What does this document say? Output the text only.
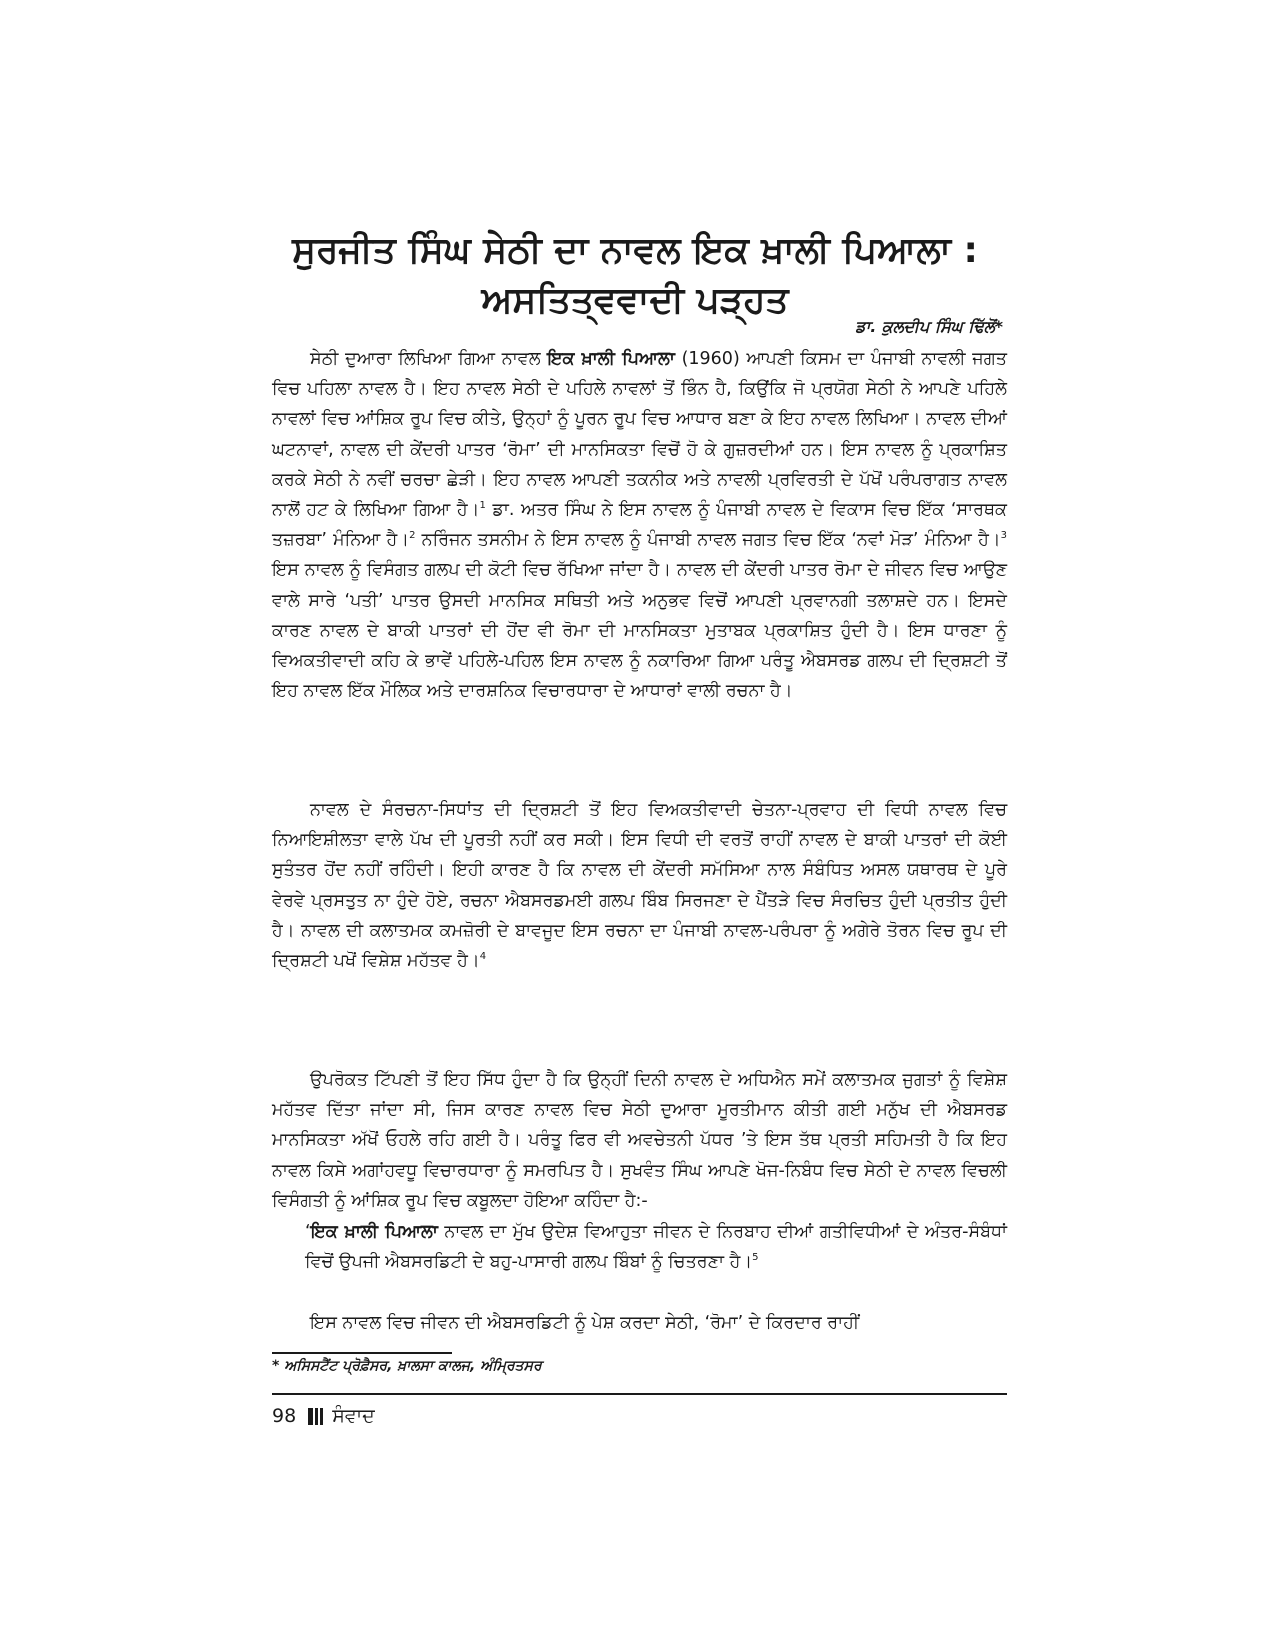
ਸੁਰਜੀਤ ਸਿੰਘ ਸੇਠੀ ਦਾ ਨਾਵਲ ਇਕ ਖ਼ਾਲੀ ਪਿਆਲਾ :
ਅਸਤਿਤ੍ਵਵਾਦੀ ਪੜ੍ਹਤ
ਡਾ. ਕੁਲਦੀਪ ਸਿੰਘ ਢਿੱਲੋਂ*

ਸੇਠੀ ਦੁਆਰਾ ਲਿਖਿਆ ਗਿਆ ਨਾਵਲ ਇਕ ਖ਼ਾਲੀ ਪਿਆਲਾ (1960) ਆਪਣੀ ਕਿਸਮ ਦਾ ਪੰਜਾਬੀ ਨਾਵਲੀ ਜਗਤ ਵਿਚ ਪਹਿਲਾ ਨਾਵਲ ਹੈ। ਇਹ ਨਾਵਲ ਸੇਠੀ ਦੇ ਪਹਿਲੇ ਨਾਵਲਾਂ ਤੋਂ ਭਿੰਨ ਹੈ, ਕਿਉਂਕਿ ਜੋ ਪ੍ਰਯੋਗ ਸੇਠੀ ਨੇ ਆਪਣੇ ਪਹਿਲੇ ਨਾਵਲਾਂ ਵਿਚ ਆਂਸ਼ਿਕ ਰੂਪ ਵਿਚ ਕੀਤੇ, ਉਨ੍ਹਾਂ ਨੂੰ ਪੂਰਨ ਰੂਪ ਵਿਚ ਆਧਾਰ ਬਣਾ ਕੇ ਇਹ ਨਾਵਲ ਲਿਖਿਆ। ਨਾਵਲ ਦੀਆਂ ਘਟਨਾਵਾਂ, ਨਾਵਲ ਦੀ ਕੇਂਦਰੀ ਪਾਤਰ ‘ਰੋਮਾ’ ਦੀ ਮਾਨਸਿਕਤਾ ਵਿਚੋਂ ਹੋ ਕੇ ਗੁਜ਼ਰਦੀਆਂ ਹਨ। ਇਸ ਨਾਵਲ ਨੂੰ ਪ੍ਰਕਾਸ਼ਿਤ ਕਰਕੇ ਸੇਠੀ ਨੇ ਨਵੀਂ ਚਰਚਾ ਛੇੜੀ। ਇਹ ਨਾਵਲ ਆਪਣੀ ਤਕਨੀਕ ਅਤੇ ਨਾਵਲੀ ਪ੍ਰਵਿਰਤੀ ਦੇ ਪੱਖੋਂ ਪਰੰਪਰਾਗਤ ਨਾਵਲ ਨਾਲੋਂ ਹਟ ਕੇ ਲਿਖਿਆ ਗਿਆ ਹੈ।$^1$ ਡਾ. ਅਤਰ ਸਿੰਘ ਨੇ ਇਸ ਨਾਵਲ ਨੂੰ ਪੰਜਾਬੀ ਨਾਵਲ ਦੇ ਵਿਕਾਸ ਵਿਚ ਇੱਕ ‘ਸਾਰਥਕ ਤਜ਼ਰਬਾ’ ਮੰਨਿਆ ਹੈ।$^2$ ਨਰਿੰਜਨ ਤਸਨੀਮ ਨੇ ਇਸ ਨਾਵਲ ਨੂੰ ਪੰਜਾਬੀ ਨਾਵਲ ਜਗਤ ਵਿਚ ਇੱਕ ‘ਨਵਾਂ ਮੋੜ’ ਮੰਨਿਆ ਹੈ।$^3$ ਇਸ ਨਾਵਲ ਨੂੰ ਵਿਸੰਗਤ ਗਲਪ ਦੀ ਕੋਟੀ ਵਿਚ ਰੱਖਿਆ ਜਾਂਦਾ ਹੈ। ਨਾਵਲ ਦੀ ਕੇਂਦਰੀ ਪਾਤਰ ਰੋਮਾ ਦੇ ਜੀਵਨ ਵਿਚ ਆਉਣ ਵਾਲੇ ਸਾਰੇ ‘ਪਤੀ’ ਪਾਤਰ ਉਸਦੀ ਮਾਨਸਿਕ ਸਥਿਤੀ ਅਤੇ ਅਨੁਭਵ ਵਿਚੋਂ ਆਪਣੀ ਪ੍ਰਵਾਨਗੀ ਤਲਾਸ਼ਦੇ ਹਨ। ਇਸਦੇ ਕਾਰਣ ਨਾਵਲ ਦੇ ਬਾਕੀ ਪਾਤਰਾਂ ਦੀ ਹੋਂਦ ਵੀ ਰੋਮਾ ਦੀ ਮਾਨਸਿਕਤਾ ਮੁਤਾਬਕ ਪ੍ਰਕਾਸ਼ਿਤ ਹੁੰਦੀ ਹੈ। ਇਸ ਧਾਰਣਾ ਨੂੰ ਵਿਅਕਤੀਵਾਦੀ ਕਹਿ ਕੇ ਭਾਵੇਂ ਪਹਿਲੇ-ਪਹਿਲ ਇਸ ਨਾਵਲ ਨੂੰ ਨਕਾਰਿਆ ਗਿਆ ਪਰੰਤੂ ਐਬਸਰਡ ਗਲਪ ਦੀ ਦ੍ਰਿਸ਼ਟੀ ਤੋਂ ਇਹ ਨਾਵਲ ਇੱਕ ਮੌਲਿਕ ਅਤੇ ਦਾਰਸ਼ਨਿਕ ਵਿਚਾਰਧਾਰਾ ਦੇ ਆਧਾਰਾਂ ਵਾਲੀ ਰਚਨਾ ਹੈ।

ਨਾਵਲ ਦੇ ਸੰਰਚਨਾ-ਸਿਧਾਂਤ ਦੀ ਦ੍ਰਿਸ਼ਟੀ ਤੋਂ ਇਹ ਵਿਅਕਤੀਵਾਦੀ ਚੇਤਨਾ-ਪ੍ਰਵਾਹ ਦੀ ਵਿਧੀ ਨਾਵਲ ਵਿਚ ਨਿਆਇਸ਼ੀਲਤਾ ਵਾਲੇ ਪੱਖ ਦੀ ਪੂਰਤੀ ਨਹੀਂ ਕਰ ਸਕੀ। ਇਸ ਵਿਧੀ ਦੀ ਵਰਤੋਂ ਰਾਹੀਂ ਨਾਵਲ ਦੇ ਬਾਕੀ ਪਾਤਰਾਂ ਦੀ ਕੋਈ ਸੁਤੰਤਰ ਹੋਂਦ ਨਹੀਂ ਰਹਿੰਦੀ। ਇਹੀ ਕਾਰਣ ਹੈ ਕਿ ਨਾਵਲ ਦੀ ਕੇਂਦਰੀ ਸਮੱਸਿਆ ਨਾਲ ਸੰਬੰਧਿਤ ਅਸਲ ਯਥਾਰਥ ਦੇ ਪੂਰੇ ਵੇਰਵੇ ਪ੍ਰਸਤੁਤ ਨਾ ਹੁੰਦੇ ਹੋਏ, ਰਚਨਾ ਐਬਸਰਡਮਈ ਗਲਪ ਬਿੰਬ ਸਿਰਜਣਾ ਦੇ ਪੈਂਤੜੇ ਵਿਚ ਸੰਰਚਿਤ ਹੁੰਦੀ ਪ੍ਰਤੀਤ ਹੁੰਦੀ ਹੈ। ਨਾਵਲ ਦੀ ਕਲਾਤਮਕ ਕਮਜ਼ੋਰੀ ਦੇ ਬਾਵਜੂਦ ਇਸ ਰਚਨਾ ਦਾ ਪੰਜਾਬੀ ਨਾਵਲ-ਪਰੰਪਰਾ ਨੂੰ ਅਗੇਰੇ ਤੋਰਨ ਵਿਚ ਰੂਪ ਦੀ ਦ੍ਰਿਸ਼ਟੀ ਪਖੋਂ ਵਿਸ਼ੇਸ਼ ਮਹੱਤਵ ਹੈ।$^4$

ਉਪਰੋਕਤ ਟਿੱਪਣੀ ਤੋਂ ਇਹ ਸਿੱਧ ਹੁੰਦਾ ਹੈ ਕਿ ਉਨ੍ਹੀਂ ਦਿਨੀ ਨਾਵਲ ਦੇ ਅਧਿਐਨ ਸਮੇਂ ਕਲਾਤਮਕ ਜੁਗਤਾਂ ਨੂੰ ਵਿਸ਼ੇਸ਼ ਮਹੱਤਵ ਦਿੱਤਾ ਜਾਂਦਾ ਸੀ, ਜਿਸ ਕਾਰਣ ਨਾਵਲ ਵਿਚ ਸੇਠੀ ਦੁਆਰਾ ਮੂਰਤੀਮਾਨ ਕੀਤੀ ਗਈ ਮਨੁੱਖ ਦੀ ਐਬਸਰਡ ਮਾਨਸਿਕਤਾ ਅੱਖੋਂ ਓਹਲੇ ਰਹਿ ਗਈ ਹੈ। ਪਰੰਤੂ ਫਿਰ ਵੀ ਅਵਚੇਤਨੀ ਪੱਧਰ ’ਤੇ ਇਸ ਤੱਥ ਪ੍ਰਤੀ ਸਹਿਮਤੀ ਹੈ ਕਿ ਇਹ ਨਾਵਲ ਕਿਸੇ ਅਗਾਂਹਵਧੂ ਵਿਚਾਰਧਾਰਾ ਨੂੰ ਸਮਰਪਿਤ ਹੈ। ਸੁਖਵੰਤ ਸਿੰਘ ਆਪਣੇ ਖੋਜ-ਨਿਬੰਧ ਵਿਚ ਸੇਠੀ ਦੇ ਨਾਵਲ ਵਿਚਲੀ ਵਿਸੰਗਤੀ ਨੂੰ ਆਂਸ਼ਿਕ ਰੂਪ ਵਿਚ ਕਬੂਲਦਾ ਹੋਇਆ ਕਹਿੰਦਾ ਹੈ:-

‘ਇਕ ਖ਼ਾਲੀ ਪਿਆਲਾ ਨਾਵਲ ਦਾ ਮੁੱਖ ਉਦੇਸ਼ ਵਿਆਹੁਤਾ ਜੀਵਨ ਦੇ ਨਿਰਬਾਹ ਦੀਆਂ ਗਤੀਵਿਧੀਆਂ ਦੇ ਅੰਤਰ-ਸੰਬੰਧਾਂ ਵਿਚੋਂ ਉਪਜੀ ਐਬਸਰਡਿਟੀ ਦੇ ਬਹੁ-ਪਾਸਾਰੀ ਗਲਪ ਬਿੰਬਾਂ ਨੂੰ ਚਿਤਰਣਾ ਹੈ।$^5$

ਇਸ ਨਾਵਲ ਵਿਚ ਜੀਵਨ ਦੀ ਐਬਸਰਡਿਟੀ ਨੂੰ ਪੇਸ਼ ਕਰਦਾ ਸੇਠੀ, ‘ਰੋਮਾ’ ਦੇ ਕਿਰਦਾਰ ਰਾਹੀਂ

* ਅਸਿਸਟੈਂਟ ਪ੍ਰੋਫ਼ੈਸਰ, ਖ਼ਾਲਸਾ ਕਾਲਜ, ਅੰਮ੍ਰਿਤਸਰ
98 ਸੰਵਾਦ
